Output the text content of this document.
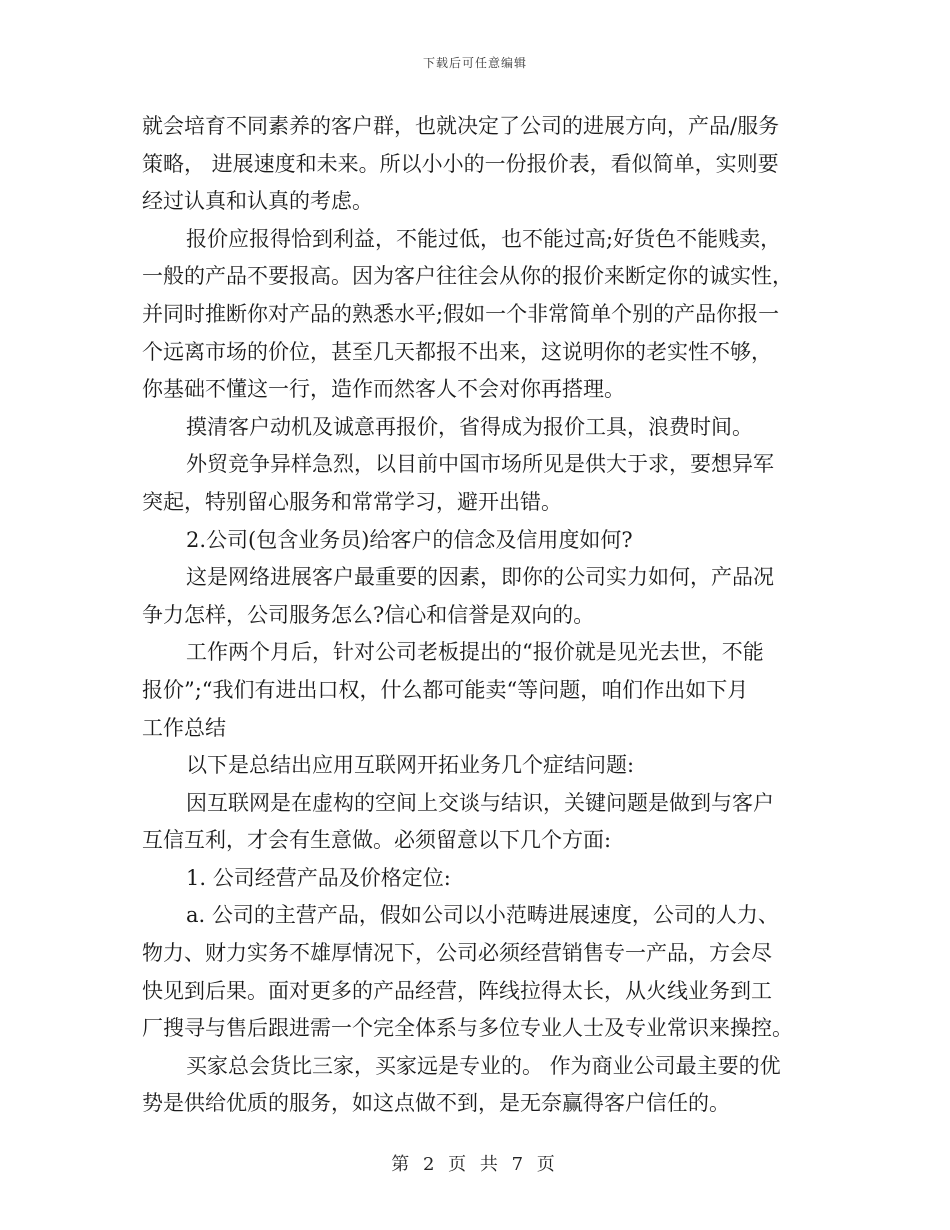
下载后可任意编辑
就会培育不同素养的客户群，也就决定了公司的进展方向，产品/服务
策略， 进展速度和未来。所以小小的一份报价表，看似简单，实则要
经过认真和认真的考虑。
报价应报得恰到利益，不能过低，也不能过高;好货色不能贱卖，
一般的产品不要报高。因为客户往往会从你的报价来断定你的诚实性，
并同时推断你对产品的熟悉水平;假如一个非常简单个别的产品你报一
个远离市场的价位，甚至几天都报不出来，这说明你的老实性不够，
你基础不懂这一行，造作而然客人不会对你再搭理。
摸清客户动机及诚意再报价，省得成为报价工具，浪费时间。
外贸竞争异样急烈，以目前中国市场所见是供大于求，要想异军
突起，特别留心服务和常常学习，避开出错。
2.公司(包含业务员)给客户的信念及信用度如何?
这是网络进展客户最重要的因素，即你的公司实力如何，产品况
争力怎样，公司服务怎么?信心和信誉是双向的。
工作两个月后，针对公司老板提出的“报价就是见光去世，不能
报价”;“我们有进出口权，什么都可能卖“等问题，咱们作出如下月
工作总结
以下是总结出应用互联网开拓业务几个症结问题:
因互联网是在虚构的空间上交谈与结识，关键问题是做到与客户
互信互利，才会有生意做。必须留意以下几个方面:
1. 公司经营产品及价格定位:
a. 公司的主营产品，假如公司以小范畴进展速度，公司的人力、
物力、财力实务不雄厚情况下，公司必须经营销售专一产品，方会尽
快见到后果。面对更多的产品经营，阵线拉得太长，从火线业务到工
厂搜寻与售后跟进需一个完全体系与多位专业人士及专业常识来操控。
买家总会货比三家，买家远是专业的。 作为商业公司最主要的优
势是供给优质的服务，如这点做不到，是无奈赢得客户信任的。
第 2 页 共 7 页
